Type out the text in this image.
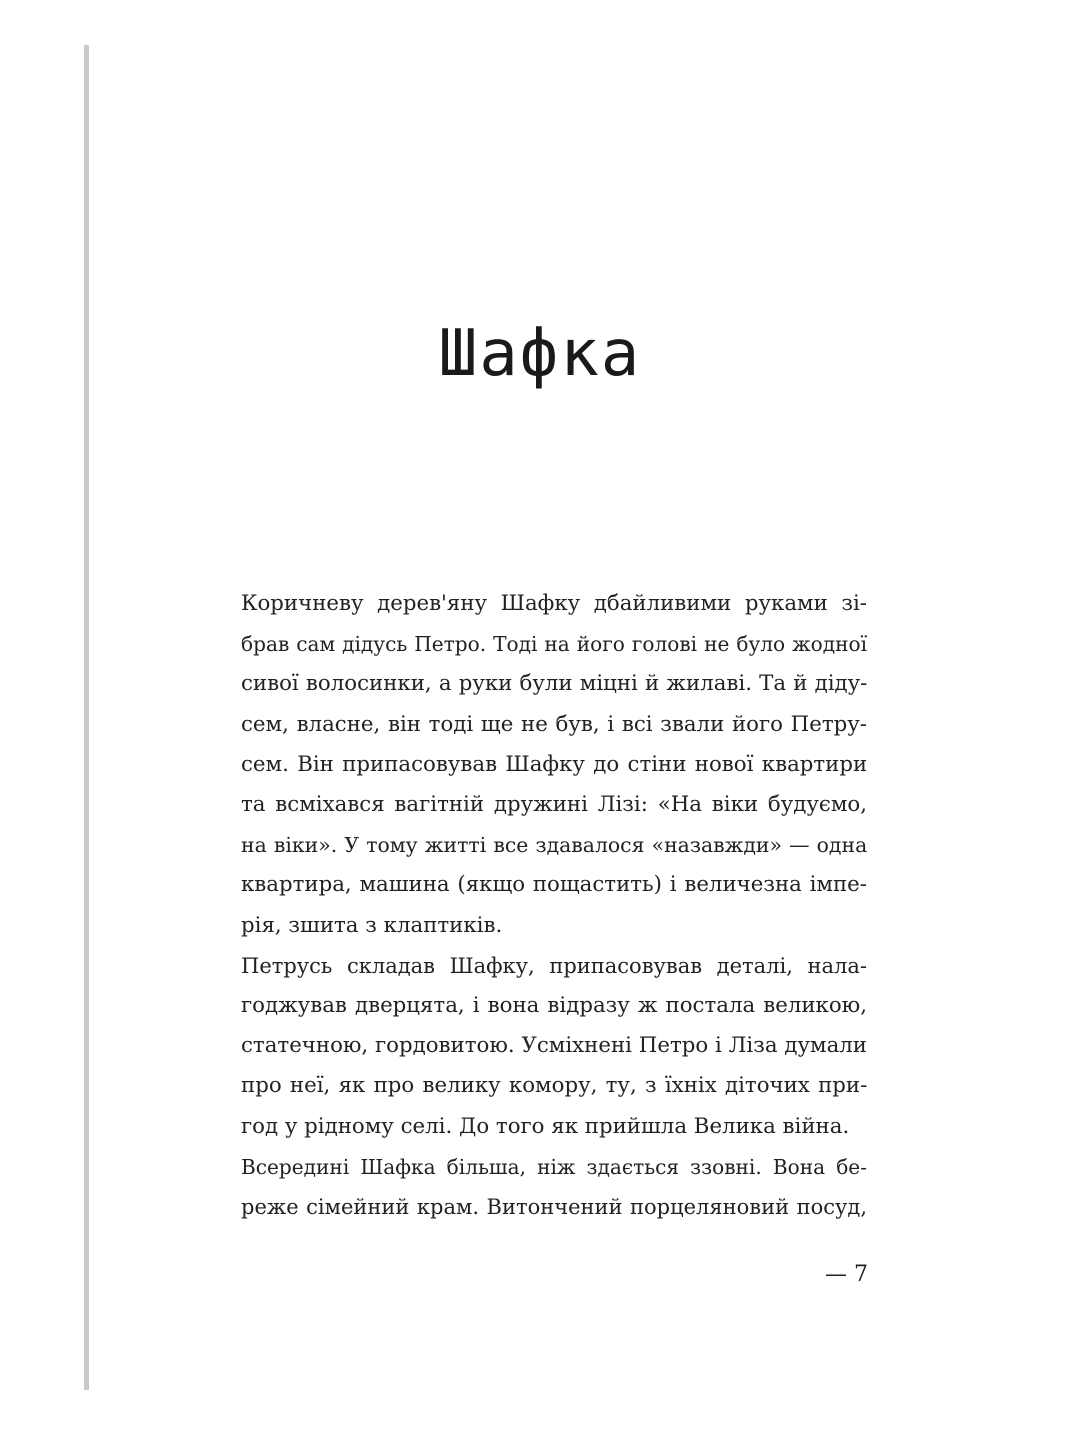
Шафка
Коричневу дерев'яну Шафку дбайливими руками зі-
брав сам дідусь Петро. Тоді на його голові не було жодної
сивої волосинки, а руки були міцні й жилаві. Та й діду-
сем, власне, він тоді ще не був, і всі звали його Петру-
сем. Він припасовував Шафку до стіни нової квартири
та всміхався вагітній дружині Лізі: «На віки будуємо,
на віки». У тому житті все здавалося «назавжди» — одна
квартира, машина (якщо пощастить) і величезна імпе-
рія, зшита з клаптиків.
Петрусь складав Шафку, припасовував деталі, нала-
годжував дверцята, і вона відразу ж постала великою,
статечною, гордовитою. Усміхнені Петро і Ліза думали
про неї, як про велику комору, ту, з їхніх діточих при-
год у рідному селі. До того як прийшла Велика війна.
Всередині Шафка більша, ніж здається ззовні. Вона бе-
реже сімейний крам. Витончений порцеляновий посуд,
— 7
